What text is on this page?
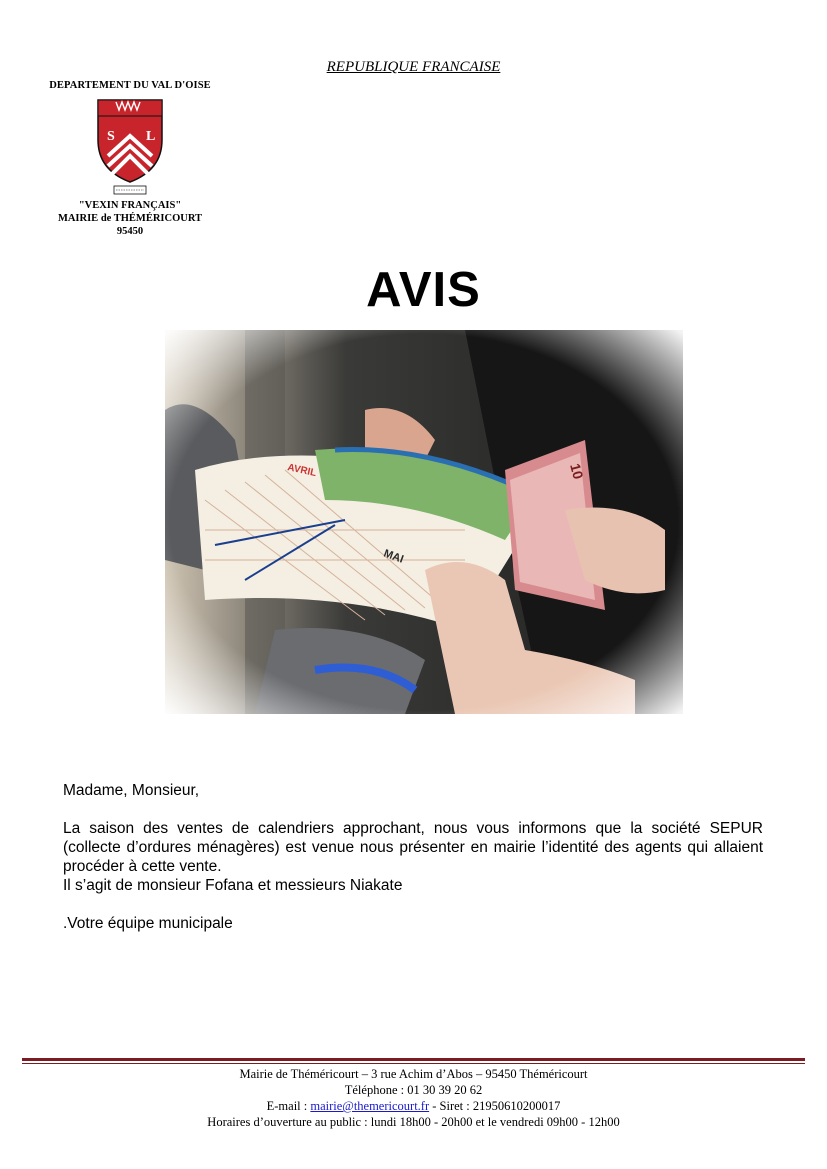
REPUBLIQUE FRANCAISE
DEPARTEMENT DU VAL D'OISE
S L
"VEXIN FRANÇAIS"
MAIRIE de THÉMÉRICOURT
95450
AVIS

Madame, Monsieur,

La saison des ventes de calendriers approchant, nous vous informons que la société SEPUR (collecte d’ordures ménagères) est venue nous présenter en mairie l’identité des agents qui allaient procéder à cette vente.

Il s’agit de monsieur Fofana et messieurs Niakate

.Votre équipe municipale

Mairie de Théméricourt – 3 rue Achim d’Abos – 95450 Théméricourt
Téléphone : 01 30 39 20 62
E-mail : mairie@themericourt.fr - Siret : 21950610200017
Horaires d’ouverture au public : lundi 18h00 - 20h00 et le vendredi 09h00 - 12h00
